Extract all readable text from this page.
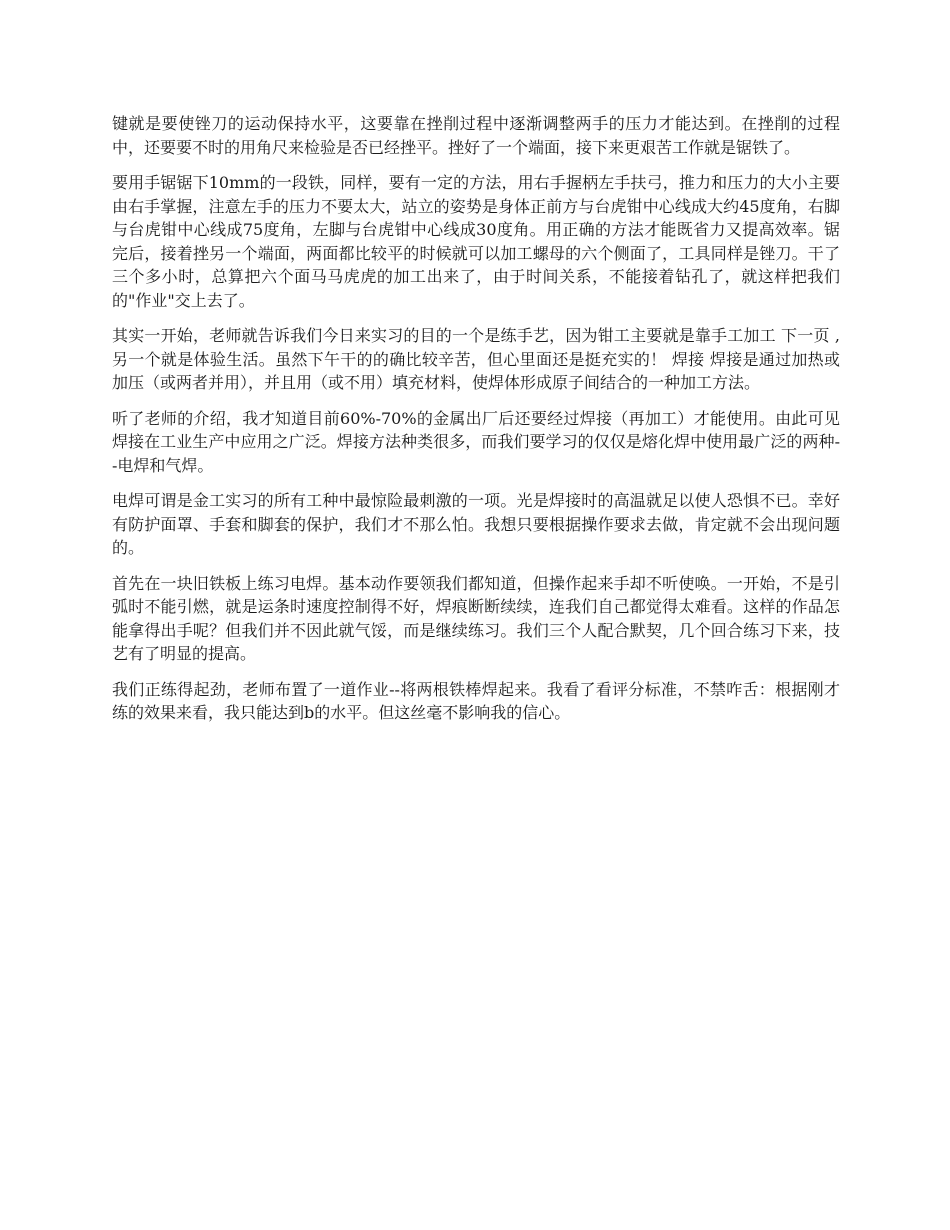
键就是要使锉刀的运动保持水平，这要靠在挫削过程中逐渐调整两手的压力才能达到。在挫削的过程中，还要要不时的用角尺来检验是否已经挫平。挫好了一个端面，接下来更艰苦工作就是锯铁了。

要用手锯锯下10mm的一段铁，同样，要有一定的方法，用右手握柄左手扶弓，推力和压力的大小主要由右手掌握，注意左手的压力不要太大，站立的姿势是身体正前方与台虎钳中心线成大约45度角，右脚与台虎钳中心线成75度角，左脚与台虎钳中心线成30度角。用正确的方法才能既省力又提高效率。锯完后，接着挫另一个端面，两面都比较平的时候就可以加工螺母的六个侧面了，工具同样是锉刀。干了三个多小时，总算把六个面马马虎虎的加工出来了，由于时间关系，不能接着钻孔了，就这样把我们的"作业"交上去了。

其实一开始，老师就告诉我们今日来实习的目的一个是练手艺，因为钳工主要就是靠手工加工 下一页 ,另一个就是体验生活。虽然下午干的的确比较辛苦，但心里面还是挺充实的！ 焊接 焊接是通过加热或加压（或两者并用），并且用（或不用）填充材料，使焊体形成原子间结合的一种加工方法。

听了老师的介绍，我才知道目前60%-70%的金属出厂后还要经过焊接（再加工）才能使用。由此可见焊接在工业生产中应用之广泛。焊接方法种类很多，而我们要学习的仅仅是熔化焊中使用最广泛的两种--电焊和气焊。

电焊可谓是金工实习的所有工种中最惊险最刺激的一项。光是焊接时的高温就足以使人恐惧不已。幸好有防护面罩、手套和脚套的保护，我们才不那么怕。我想只要根据操作要求去做，肯定就不会出现问题的。

首先在一块旧铁板上练习电焊。基本动作要领我们都知道，但操作起来手却不听使唤。一开始，不是引弧时不能引燃，就是运条时速度控制得不好，焊痕断断续续，连我们自己都觉得太难看。这样的作品怎能拿得出手呢？但我们并不因此就气馁，而是继续练习。我们三个人配合默契，几个回合练习下来，技艺有了明显的提高。

我们正练得起劲，老师布置了一道作业--将两根铁棒焊起来。我看了看评分标准，不禁咋舌：根据刚才练的效果来看，我只能达到b的水平。但这丝毫不影响我的信心。
